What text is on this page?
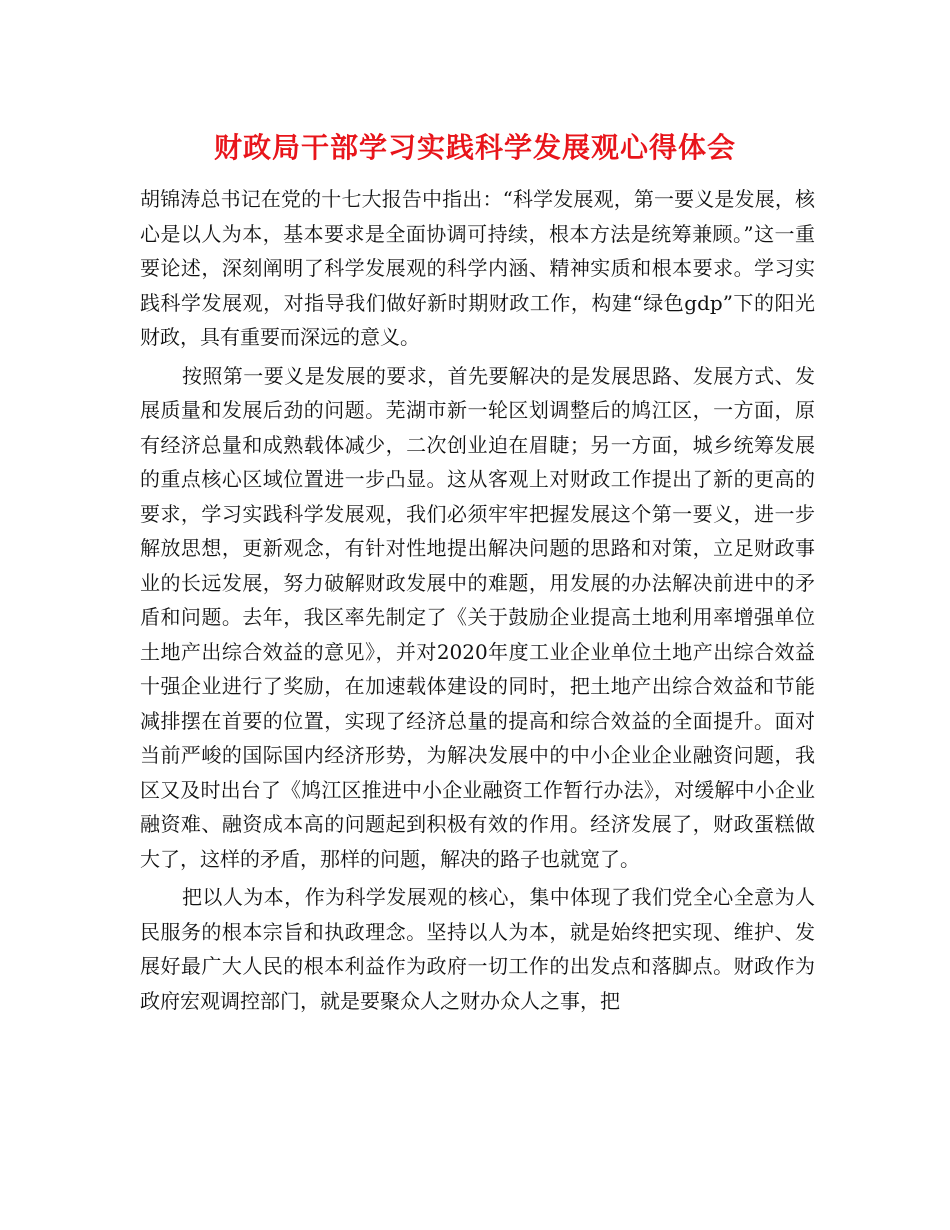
财政局干部学习实践科学发展观心得体会

胡锦涛总书记在党的十七大报告中指出：“科学发展观，第一要义是发展，核心是以人为本，基本要求是全面协调可持续，根本方法是统筹兼顾。”这一重要论述，深刻阐明了科学发展观的科学内涵、精神实质和根本要求。学习实践科学发展观，对指导我们做好新时期财政工作，构建“绿色gdp”下的阳光财政，具有重要而深远的意义。

按照第一要义是发展的要求，首先要解决的是发展思路、发展方式、发展质量和发展后劲的问题。芜湖市新一轮区划调整后的鸠江区，一方面，原有经济总量和成熟载体减少，二次创业迫在眉睫；另一方面，城乡统筹发展的重点核心区域位置进一步凸显。这从客观上对财政工作提出了新的更高的要求，学习实践科学发展观，我们必须牢牢把握发展这个第一要义，进一步解放思想，更新观念，有针对性地提出解决问题的思路和对策，立足财政事业的长远发展，努力破解财政发展中的难题，用发展的办法解决前进中的矛盾和问题。去年，我区率先制定了《关于鼓励企业提高土地利用率增强单位土地产出综合效益的意见》，并对2020年度工业企业单位土地产出综合效益十强企业进行了奖励，在加速载体建设的同时，把土地产出综合效益和节能减排摆在首要的位置，实现了经济总量的提高和综合效益的全面提升。面对当前严峻的国际国内经济形势，为解决发展中的中小企业企业融资问题，我区又及时出台了《鸠江区推进中小企业融资工作暂行办法》，对缓解中小企业融资难、融资成本高的问题起到积极有效的作用。经济发展了，财政蛋糕做大了，这样的矛盾，那样的问题，解决的路子也就宽了。

把以人为本，作为科学发展观的核心，集中体现了我们党全心全意为人民服务的根本宗旨和执政理念。坚持以人为本，就是始终把实现、维护、发展好最广大人民的根本利益作为政府一切工作的出发点和落脚点。财政作为政府宏观调控部门，就是要聚众人之财办众人之事，把
